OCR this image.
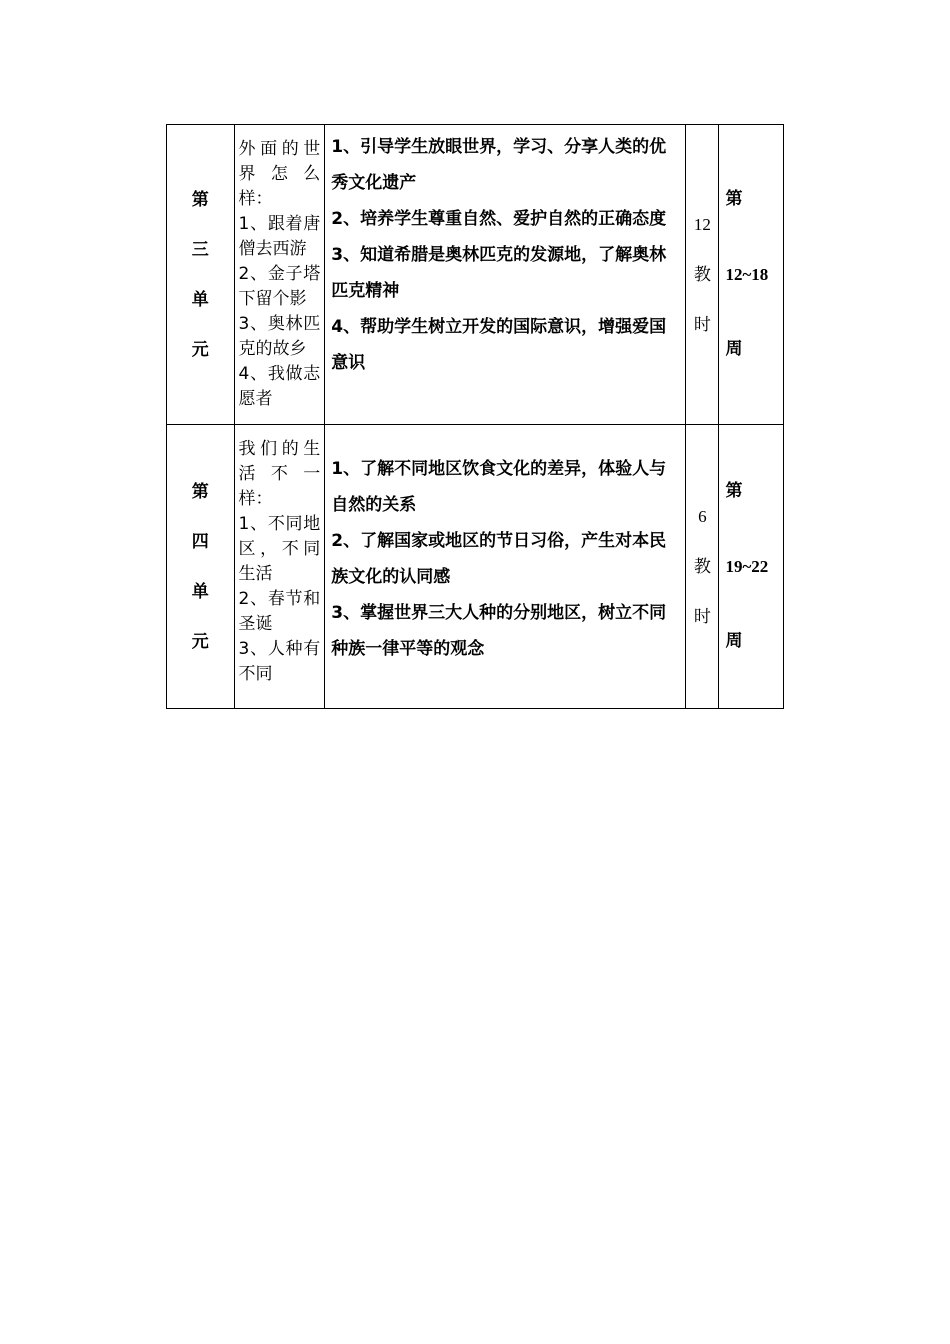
第
三
单
元	外面的世界怎么样：
1、跟着唐僧去西游
2、金子塔下留个影
3、奥林匹克的故乡
4、我做志愿者	1、引导学生放眼世界，学习、分享人类的优秀文化遗产
2、培养学生尊重自然、爱护自然的正确态度
3、知道希腊是奥林匹克的发源地，了解奥林匹克精神
4、帮助学生树立开发的国际意识，增强爱国意识	12
教
时	第
12~18
周

第
四
单
元	我们的生活不一样：
1、不同地区，不同生活
2、春节和圣诞
3、人种有不同	1、了解不同地区饮食文化的差异，体验人与自然的关系
2、了解国家或地区的节日习俗，产生对本民族文化的认同感
3、掌握世界三大人种的分别地区，树立不同种族一律平等的观念	6
教
时	第
19~22
周
